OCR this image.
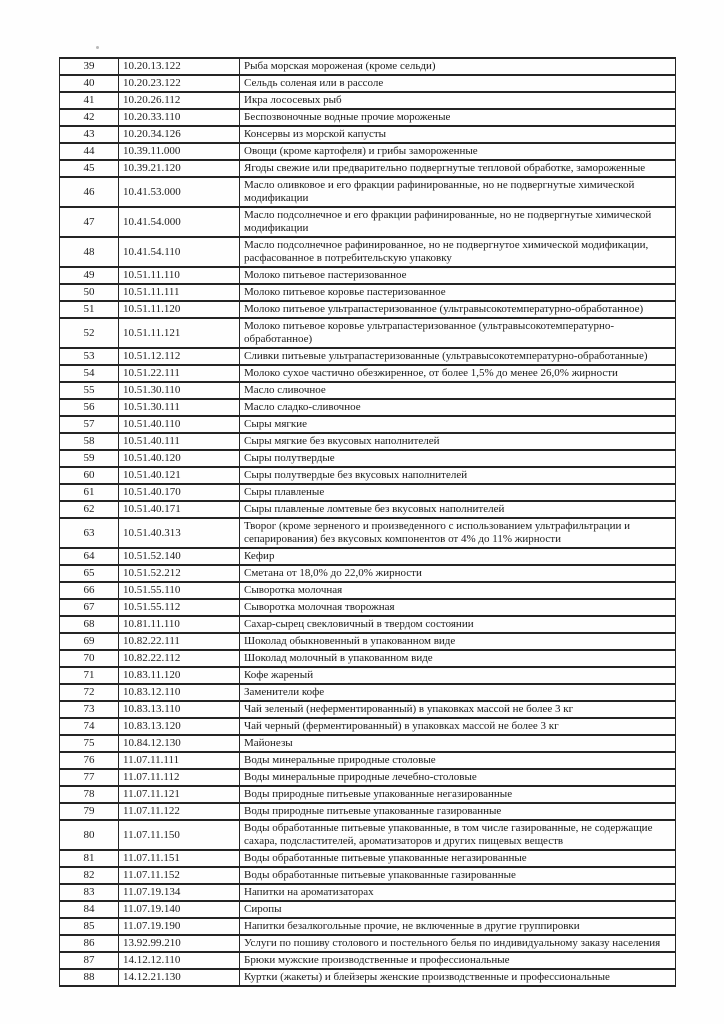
39	10.20.13.122	Рыба морская мороженая (кроме сельди)
40	10.20.23.122	Сельдь соленая или в рассоле
41	10.20.26.112	Икра лососевых рыб
42	10.20.33.110	Беспозвоночные водные прочие мороженые
43	10.20.34.126	Консервы из морской капусты
44	10.39.11.000	Овощи (кроме картофеля) и грибы замороженные
45	10.39.21.120	Ягоды свежие или предварительно подвергнутые тепловой обработке, замороженные
46	10.41.53.000	Масло оливковое и его фракции рафинированные, но не подвергнутые химической модификации
47	10.41.54.000	Масло подсолнечное и его фракции рафинированные, но не подвергнутые химической модификации
48	10.41.54.110	Масло подсолнечное рафинированное, но не подвергнутое химической модификации, расфасованное в потребительскую упаковку
49	10.51.11.110	Молоко питьевое пастеризованное
50	10.51.11.111	Молоко питьевое коровье пастеризованное
51	10.51.11.120	Молоко питьевое ультрапастеризованное (ультравысокотемпературно-обработанное)
52	10.51.11.121	Молоко питьевое коровье ультрапастеризованное (ультравысокотемпературно-обработанное)
53	10.51.12.112	Сливки питьевые ультрапастеризованные (ультравысокотемпературно-обработанные)
54	10.51.22.111	Молоко сухое частично обезжиренное, от более 1,5% до менее 26,0% жирности
55	10.51.30.110	Масло сливочное
56	10.51.30.111	Масло сладко-сливочное
57	10.51.40.110	Сыры мягкие
58	10.51.40.111	Сыры мягкие без вкусовых наполнителей
59	10.51.40.120	Сыры полутвердые
60	10.51.40.121	Сыры полутвердые без вкусовых наполнителей
61	10.51.40.170	Сыры плавленые
62	10.51.40.171	Сыры плавленые ломтевые без вкусовых наполнителей
63	10.51.40.313	Творог (кроме зерненого и произведенного с использованием ультрафильтрации и сепарирования) без вкусовых компонентов от 4% до 11% жирности
64	10.51.52.140	Кефир
65	10.51.52.212	Сметана от 18,0% до 22,0% жирности
66	10.51.55.110	Сыворотка молочная
67	10.51.55.112	Сыворотка молочная творожная
68	10.81.11.110	Сахар-сырец свекловичный в твердом состоянии
69	10.82.22.111	Шоколад обыкновенный в упакованном виде
70	10.82.22.112	Шоколад молочный в упакованном виде
71	10.83.11.120	Кофе жареный
72	10.83.12.110	Заменители кофе
73	10.83.13.110	Чай зеленый (неферментированный) в упаковках массой не более 3 кг
74	10.83.13.120	Чай черный (ферментированный) в упаковках массой не более 3 кг
75	10.84.12.130	Майонезы
76	11.07.11.111	Воды минеральные природные столовые
77	11.07.11.112	Воды минеральные природные лечебно-столовые
78	11.07.11.121	Воды природные питьевые упакованные негазированные
79	11.07.11.122	Воды природные питьевые упакованные газированные
80	11.07.11.150	Воды обработанные питьевые упакованные, в том числе газированные, не содержащие сахара, подсластителей, ароматизаторов и других пищевых веществ
81	11.07.11.151	Воды обработанные питьевые упакованные негазированные
82	11.07.11.152	Воды обработанные питьевые упакованные газированные
83	11.07.19.134	Напитки на ароматизаторах
84	11.07.19.140	Сиропы
85	11.07.19.190	Напитки безалкогольные прочие, не включенные в другие группировки
86	13.92.99.210	Услуги по пошиву столового и постельного белья по индивидуальному заказу населения
87	14.12.12.110	Брюки мужские производственные и профессиональные
88	14.12.21.130	Куртки (жакеты) и блейзеры женские производственные и профессиональные
